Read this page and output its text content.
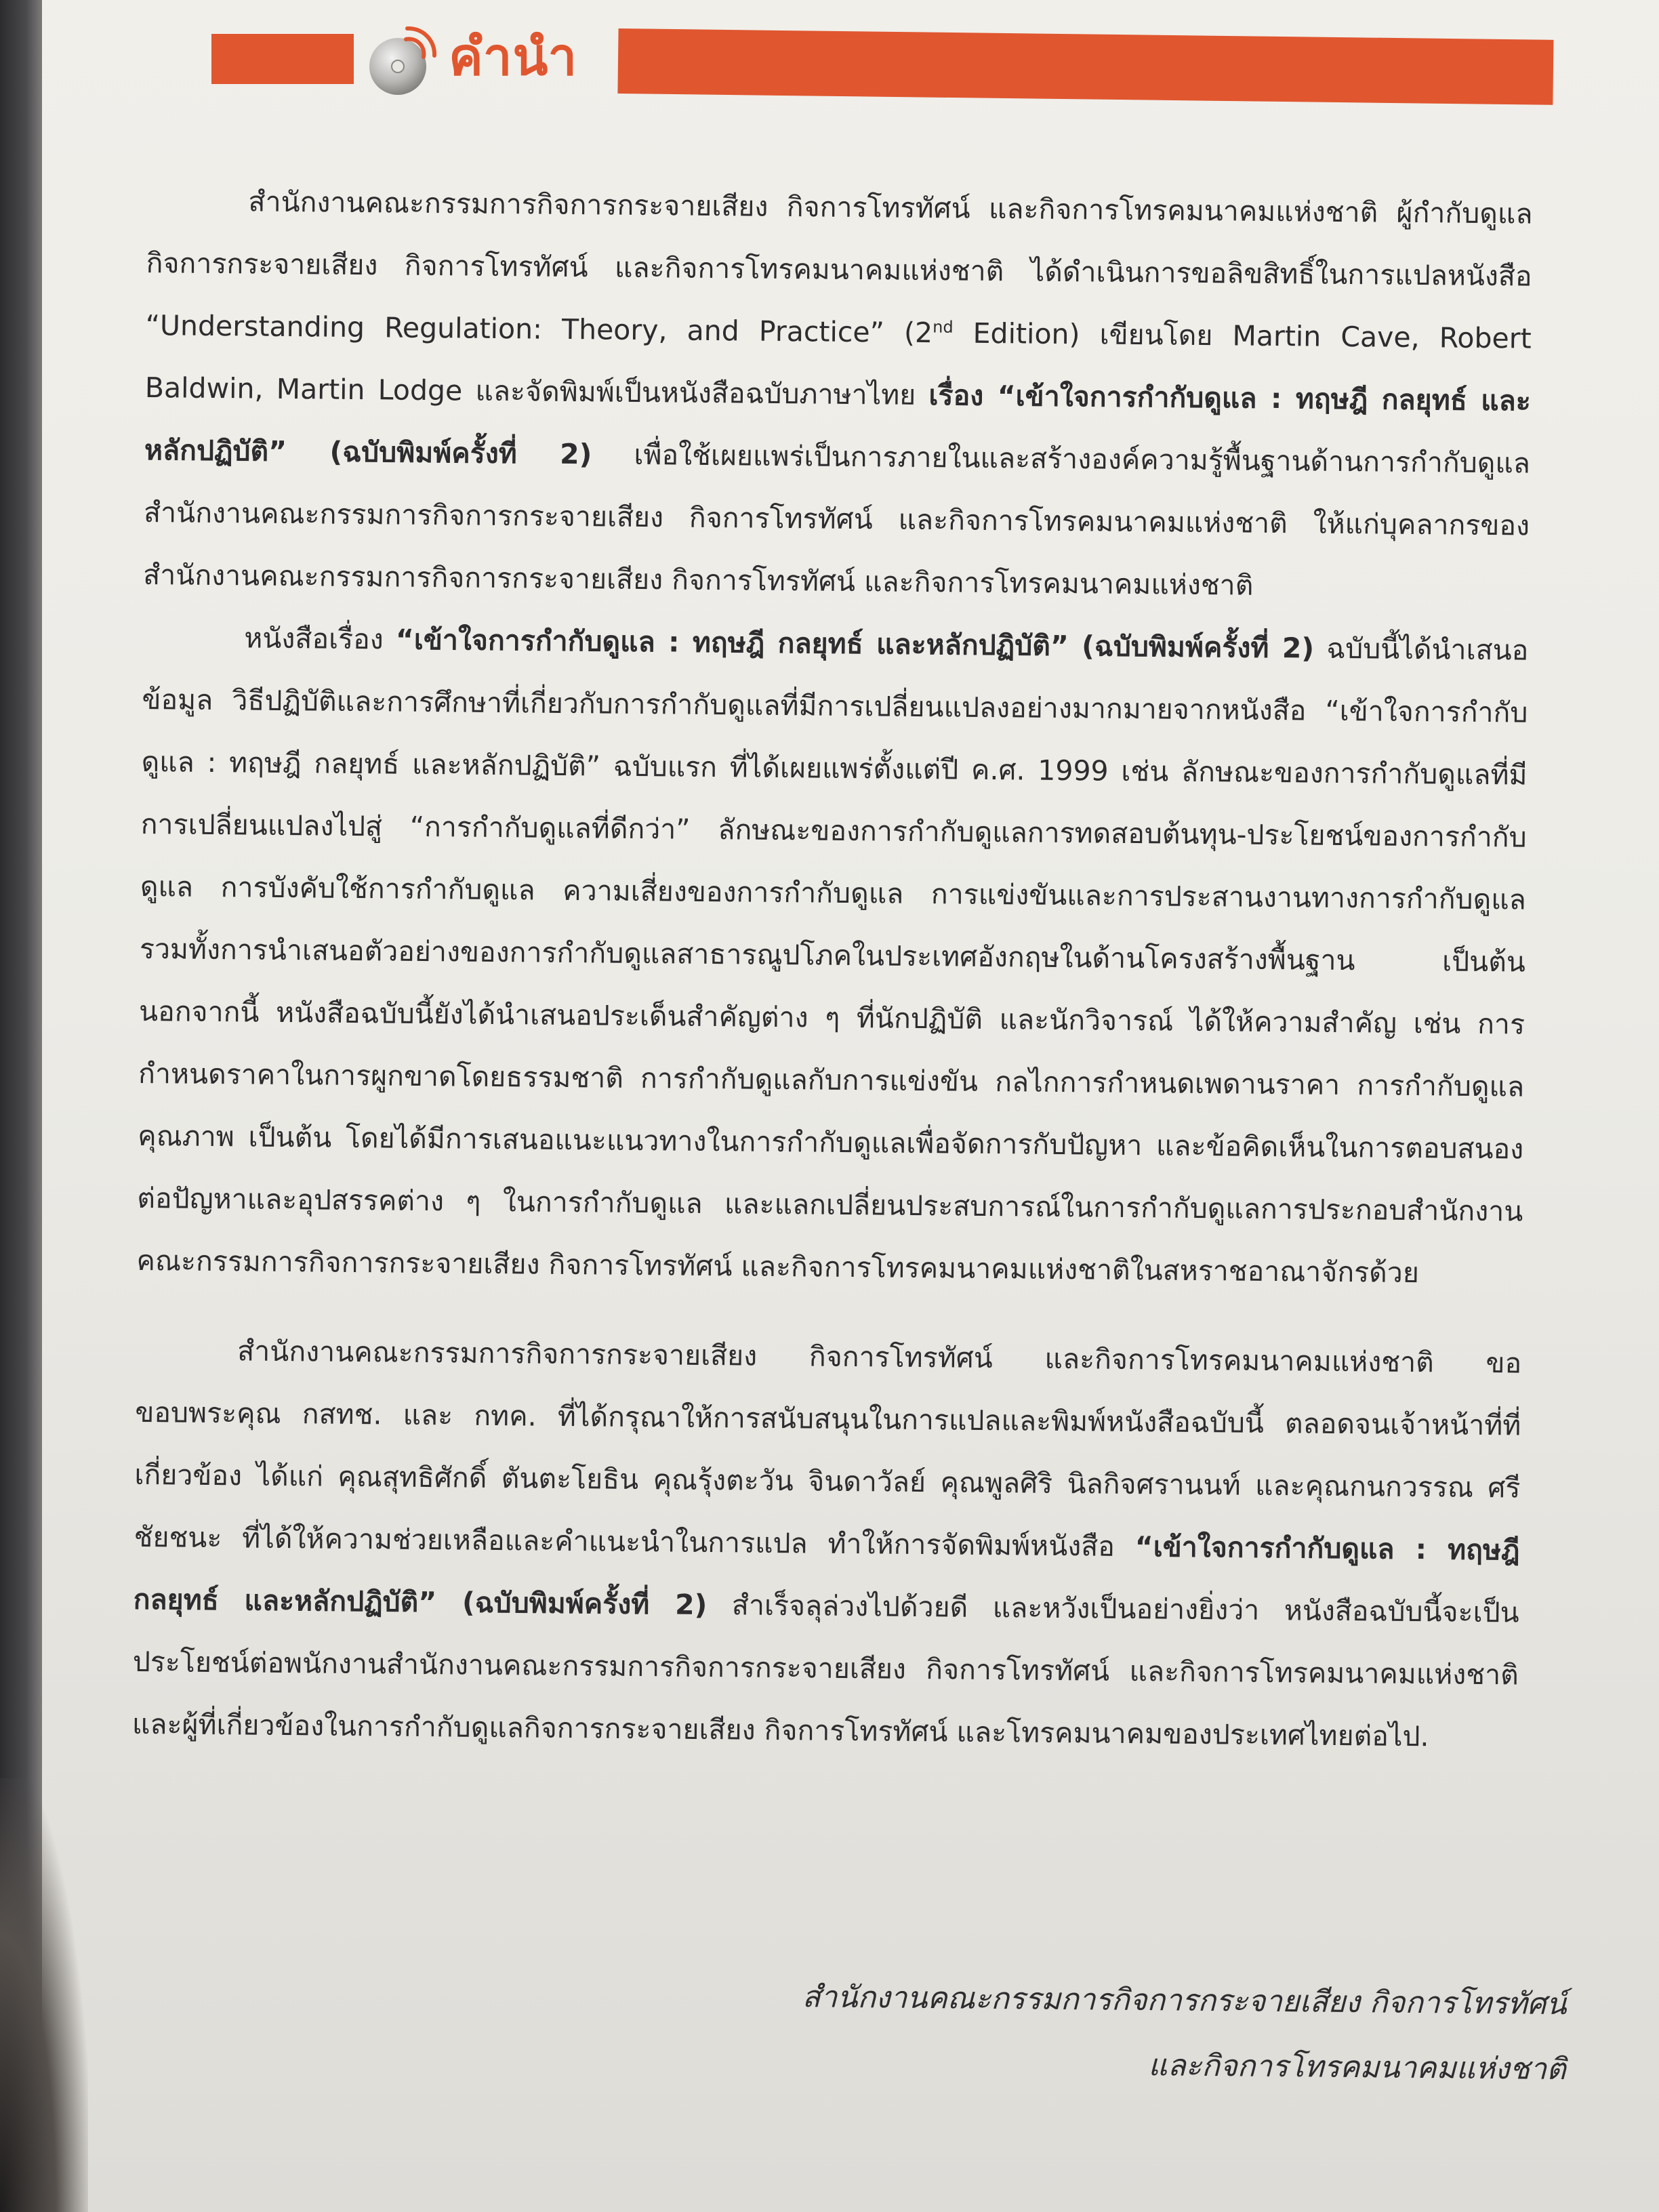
คำนำ

สำนักงานคณะกรรมการกิจการกระจายเสียง กิจการโทรทัศน์ และกิจการโทรคมนาคมแห่งชาติ ผู้กำกับดูแลกิจการกระจายเสียง กิจการโทรทัศน์ และกิจการโทรคมนาคมแห่งชาติ ได้ดำเนินการขอลิขสิทธิ์ในการแปลหนังสือ “Understanding Regulation: Theory, and Practice” (2nd Edition) เขียนโดย Martin Cave, Robert Baldwin, Martin Lodge และจัดพิมพ์เป็นหนังสือฉบับภาษาไทย เรื่อง “เข้าใจการกำกับดูแล : ทฤษฎี กลยุทธ์ และหลักปฏิบัติ” (ฉบับพิมพ์ครั้งที่ 2) เพื่อใช้เผยแพร่เป็นการภายในและสร้างองค์ความรู้พื้นฐานด้านการกำกับดูแล สำนักงานคณะกรรมการกิจการกระจายเสียง กิจการโทรทัศน์ และกิจการโทรคมนาคมแห่งชาติ ให้แก่บุคลากรของสำนักงานคณะกรรมการกิจการกระจายเสียง กิจการโทรทัศน์ และกิจการโทรคมนาคมแห่งชาติ

หนังสือเรื่อง “เข้าใจการกำกับดูแล : ทฤษฎี กลยุทธ์ และหลักปฏิบัติ” (ฉบับพิมพ์ครั้งที่ 2) ฉบับนี้ได้นำเสนอข้อมูล วิธีปฏิบัติและการศึกษาที่เกี่ยวกับการกำกับดูแลที่มีการเปลี่ยนแปลงอย่างมากมายจากหนังสือ “เข้าใจการกำกับดูแล : ทฤษฎี กลยุทธ์ และหลักปฏิบัติ” ฉบับแรก ที่ได้เผยแพร่ตั้งแต่ปี ค.ศ. 1999 เช่น ลักษณะของการกำกับดูแลที่มีการเปลี่ยนแปลงไปสู่ “การกำกับดูแลที่ดีกว่า” ลักษณะของการกำกับดูแลการทดสอบต้นทุน-ประโยชน์ของการกำกับดูแล การบังคับใช้การกำกับดูแล ความเสี่ยงของการกำกับดูแล การแข่งขันและการประสานงานทางการกำกับดูแล รวมทั้งการนำเสนอตัวอย่างของการกำกับดูแลสาธารณูปโภคในประเทศอังกฤษในด้านโครงสร้างพื้นฐาน เป็นต้น นอกจากนี้ หนังสือฉบับนี้ยังได้นำเสนอประเด็นสำคัญต่าง ๆ ที่นักปฏิบัติ และนักวิจารณ์ ได้ให้ความสำคัญ เช่น การกำหนดราคาในการผูกขาดโดยธรรมชาติ การกำกับดูแลกับการแข่งขัน กลไกการกำหนดเพดานราคา การกำกับดูแลคุณภาพ เป็นต้น โดยได้มีการเสนอแนะแนวทางในการกำกับดูแลเพื่อจัดการกับปัญหา และข้อคิดเห็นในการตอบสนองต่อปัญหาและอุปสรรคต่าง ๆ ในการกำกับดูแล และแลกเปลี่ยนประสบการณ์ในการกำกับดูแลการประกอบสำนักงานคณะกรรมการกิจการกระจายเสียง กิจการโทรทัศน์ และกิจการโทรคมนาคมแห่งชาติในสหราชอาณาจักรด้วย

สำนักงานคณะกรรมการกิจการกระจายเสียง กิจการโทรทัศน์ และกิจการโทรคมนาคมแห่งชาติ ขอขอบพระคุณ กสทช. และ กทค. ที่ได้กรุณาให้การสนับสนุนในการแปลและพิมพ์หนังสือฉบับนี้ ตลอดจนเจ้าหน้าที่ที่เกี่ยวข้อง ได้แก่ คุณสุทธิศักดิ์ ตันตะโยธิน คุณรุ้งตะวัน จินดาวัลย์ คุณพูลศิริ นิลกิจศรานนท์ และคุณกนกวรรณ ศรีชัยชนะ ที่ได้ให้ความช่วยเหลือและคำแนะนำในการแปล ทำให้การจัดพิมพ์หนังสือ “เข้าใจการกำกับดูแล : ทฤษฎี กลยุทธ์ และหลักปฏิบัติ” (ฉบับพิมพ์ครั้งที่ 2) สำเร็จลุล่วงไปด้วยดี และหวังเป็นอย่างยิ่งว่า หนังสือฉบับนี้จะเป็นประโยชน์ต่อพนักงานสำนักงานคณะกรรมการกิจการกระจายเสียง กิจการโทรทัศน์ และกิจการโทรคมนาคมแห่งชาติ และผู้ที่เกี่ยวข้องในการกำกับดูแลกิจการกระจายเสียง กิจการโทรทัศน์ และโทรคมนาคมของประเทศไทยต่อไป.

สำนักงานคณะกรรมการกิจการกระจายเสียง กิจการโทรทัศน์
และกิจการโทรคมนาคมแห่งชาติ
